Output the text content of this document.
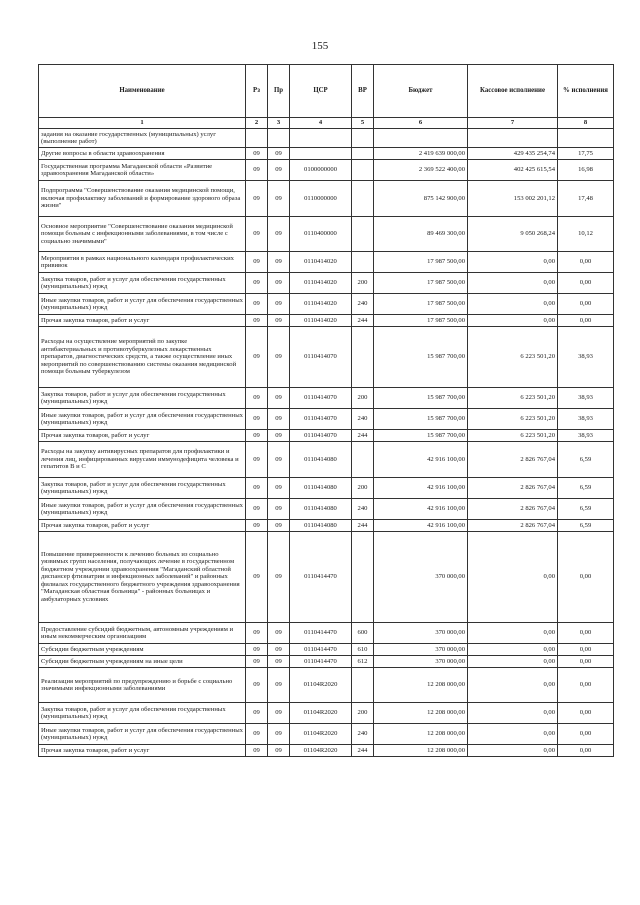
155
Наименование	Рз	Пр	ЦСР	ВР	Бюджет	Кассовое исполнение	% исполнения
1	2	3	4	5	6	7	8
задания на оказание государственных (муниципальных) услуг (выполнение работ)							
Другие вопросы в области здравоохранения	09	09			2 419 639 000,00	429 435 254,74	17,75
Государственная программа Магаданской области «Развитие здравоохранения Магаданской области»	09	09	0100000000		2 369 522 400,00	402 425 615,54	16,98
Подпрограмма "Совершенствование оказания медицинской помощи, включая профилактику заболеваний и формирование здорового образа жизни"	09	09	0110000000		875 142 900,00	153 002 201,12	17,48
Основное мероприятие "Совершенствование оказания медицинской помощи больным с инфекционными заболеваниями, в том числе с социально значимыми"	09	09	0110400000		89 469 300,00	9 050 268,24	10,12
Мероприятия в рамках национального календаря профилактических прививок	09	09	0110414020		17 987 500,00	0,00	0,00
Закупка товаров, работ и услуг для обеспечения государственных (муниципальных) нужд	09	09	0110414020	200	17 987 500,00	0,00	0,00
Иные закупки товаров, работ и услуг для обеспечения государственных (муниципальных) нужд	09	09	0110414020	240	17 987 500,00	0,00	0,00
Прочая закупка товаров, работ и услуг	09	09	0110414020	244	17 987 500,00	0,00	0,00
Расходы на осуществление мероприятий по закупке антибактериальных и противотуберкулезных лекарственных препаратов, диагностических средств, а также осуществление иных мероприятий по совершенствованию системы оказания медицинской помощи больным туберкулезом	09	09	0110414070		15 987 700,00	6 223 501,20	38,93
Закупка товаров, работ и услуг для обеспечения государственных (муниципальных) нужд	09	09	0110414070	200	15 987 700,00	6 223 501,20	38,93
Иные закупки товаров, работ и услуг для обеспечения государственных (муниципальных) нужд	09	09	0110414070	240	15 987 700,00	6 223 501,20	38,93
Прочая закупка товаров, работ и услуг	09	09	0110414070	244	15 987 700,00	6 223 501,20	38,93
Расходы на закупку антивирусных препаратов для профилактики и лечения лиц, инфицированных вирусами иммунодефицита человека и гепатитов В и С	09	09	0110414080		42 916 100,00	2 826 767,04	6,59
Закупка товаров, работ и услуг для обеспечения государственных (муниципальных) нужд	09	09	0110414080	200	42 916 100,00	2 826 767,04	6,59
Иные закупки товаров, работ и услуг для обеспечения государственных (муниципальных) нужд	09	09	0110414080	240	42 916 100,00	2 826 767,04	6,59
Прочая закупка товаров, работ и услуг	09	09	0110414080	244	42 916 100,00	2 826 767,04	6,59
Повышение приверженности к лечению больных из социально уязвимых групп населения, получающих лечение в государственном бюджетном учреждении здравоохранения "Магаданский областной диспансер фтизиатрии и инфекционных заболеваний" и районных филиалах государственного бюджетного учреждения здравоохранения "Магаданская областная больница" - районных больницах и амбулаторных условиях	09	09	0110414470		370 000,00	0,00	0,00
Предоставление субсидий бюджетным, автономным учреждениям и иным некоммерческим организациям	09	09	0110414470	600	370 000,00	0,00	0,00
Субсидии бюджетным учреждениям	09	09	0110414470	610	370 000,00	0,00	0,00
Субсидии бюджетным учреждениям на иные цели	09	09	0110414470	612	370 000,00	0,00	0,00
Реализация мероприятий по предупреждению и борьбе с социально значимыми инфекционными заболеваниями	09	09	01104R2020		12 208 000,00	0,00	0,00
Закупка товаров, работ и услуг для обеспечения государственных (муниципальных) нужд	09	09	01104R2020	200	12 208 000,00	0,00	0,00
Иные закупки товаров, работ и услуг для обеспечения государственных (муниципальных) нужд	09	09	01104R2020	240	12 208 000,00	0,00	0,00
Прочая закупка товаров, работ и услуг	09	09	01104R2020	244	12 208 000,00	0,00	0,00
